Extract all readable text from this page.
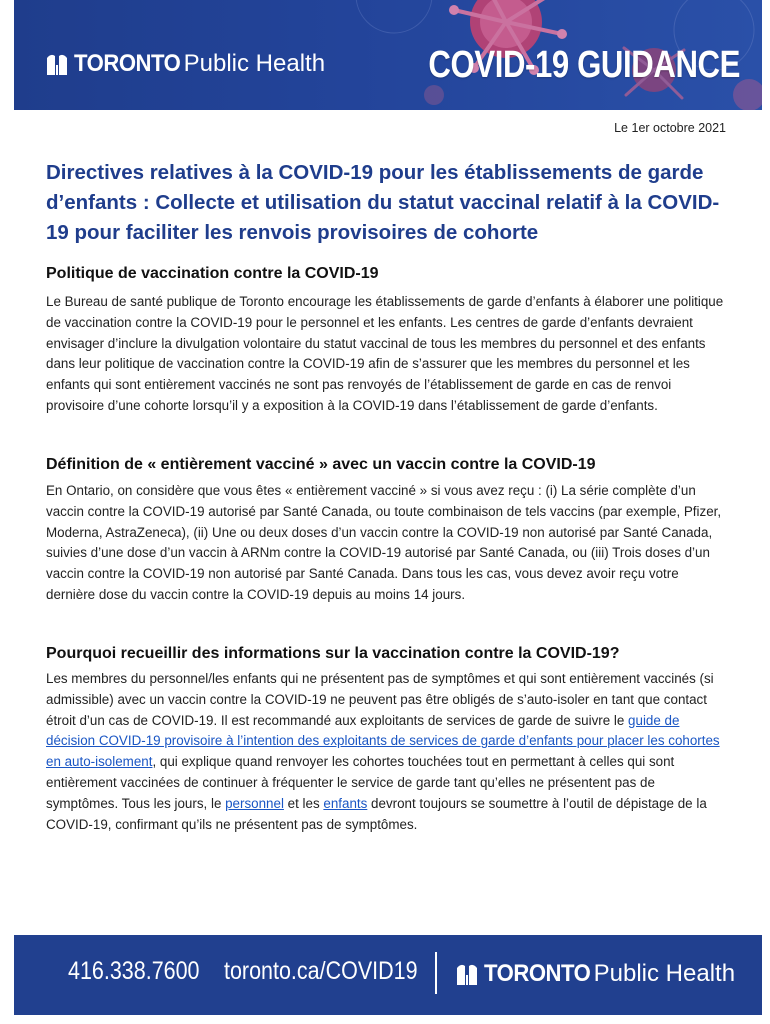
TORONTO Public Health	COVID-19 GUIDANCE
Le 1er octobre 2021
Directives relatives à la COVID-19 pour les établissements de garde d’enfants : Collecte et utilisation du statut vaccinal relatif à la COVID-19 pour faciliter les renvois provisoires de cohorte
Politique de vaccination contre la COVID-19
Le Bureau de santé publique de Toronto encourage les établissements de garde d’enfants à élaborer une politique de vaccination contre la COVID-19 pour le personnel et les enfants. Les centres de garde d’enfants devraient envisager d’inclure la divulgation volontaire du statut vaccinal de tous les membres du personnel et des enfants dans leur politique de vaccination contre la COVID-19 afin de s’assurer que les membres du personnel et les enfants qui sont entièrement vaccinés ne sont pas renvoyés de l’établissement de garde en cas de renvoi provisoire d’une cohorte lorsqu’il y a exposition à la COVID-19 dans l’établissement de garde d’enfants.
Définition de « entièrement vacciné » avec un vaccin contre la COVID-19
En Ontario, on considère que vous êtes « entièrement vacciné » si vous avez reçu : (i) La série complète d’un vaccin contre la COVID-19 autorisé par Santé Canada, ou toute combinaison de tels vaccins (par exemple, Pfizer, Moderna, AstraZeneca), (ii) Une ou deux doses d’un vaccin contre la COVID-19 non autorisé par Santé Canada, suivies d’une dose d’un vaccin à ARNm contre la COVID-19 autorisé par Santé Canada, ou (iii) Trois doses d’un vaccin contre la COVID-19 non autorisé par Santé Canada. Dans tous les cas, vous devez avoir reçu votre dernière dose du vaccin contre la COVID-19 depuis au moins 14 jours.
Pourquoi recueillir des informations sur la vaccination contre la COVID-19?
Les membres du personnel/les enfants qui ne présentent pas de symptômes et qui sont entièrement vaccinés (si admissible) avec un vaccin contre la COVID-19 ne peuvent pas être obligés de s’auto-isoler en tant que contact étroit d’un cas de COVID-19. Il est recommandé aux exploitants de services de garde de suivre le guide de décision COVID-19 provisoire à l’intention des exploitants de services de garde d’enfants pour placer les cohortes en auto-isolement, qui explique quand renvoyer les cohortes touchées tout en permettant à celles qui sont entièrement vaccinées de continuer à fréquenter le service de garde tant qu’elles ne présentent pas de symptômes. Tous les jours, le personnel et les enfants devront toujours se soumettre à l’outil de dépistage de la COVID-19, confirmant qu’ils ne présentent pas de symptômes.
416.338.7600 toronto.ca/COVID19	TORONTO Public Health
